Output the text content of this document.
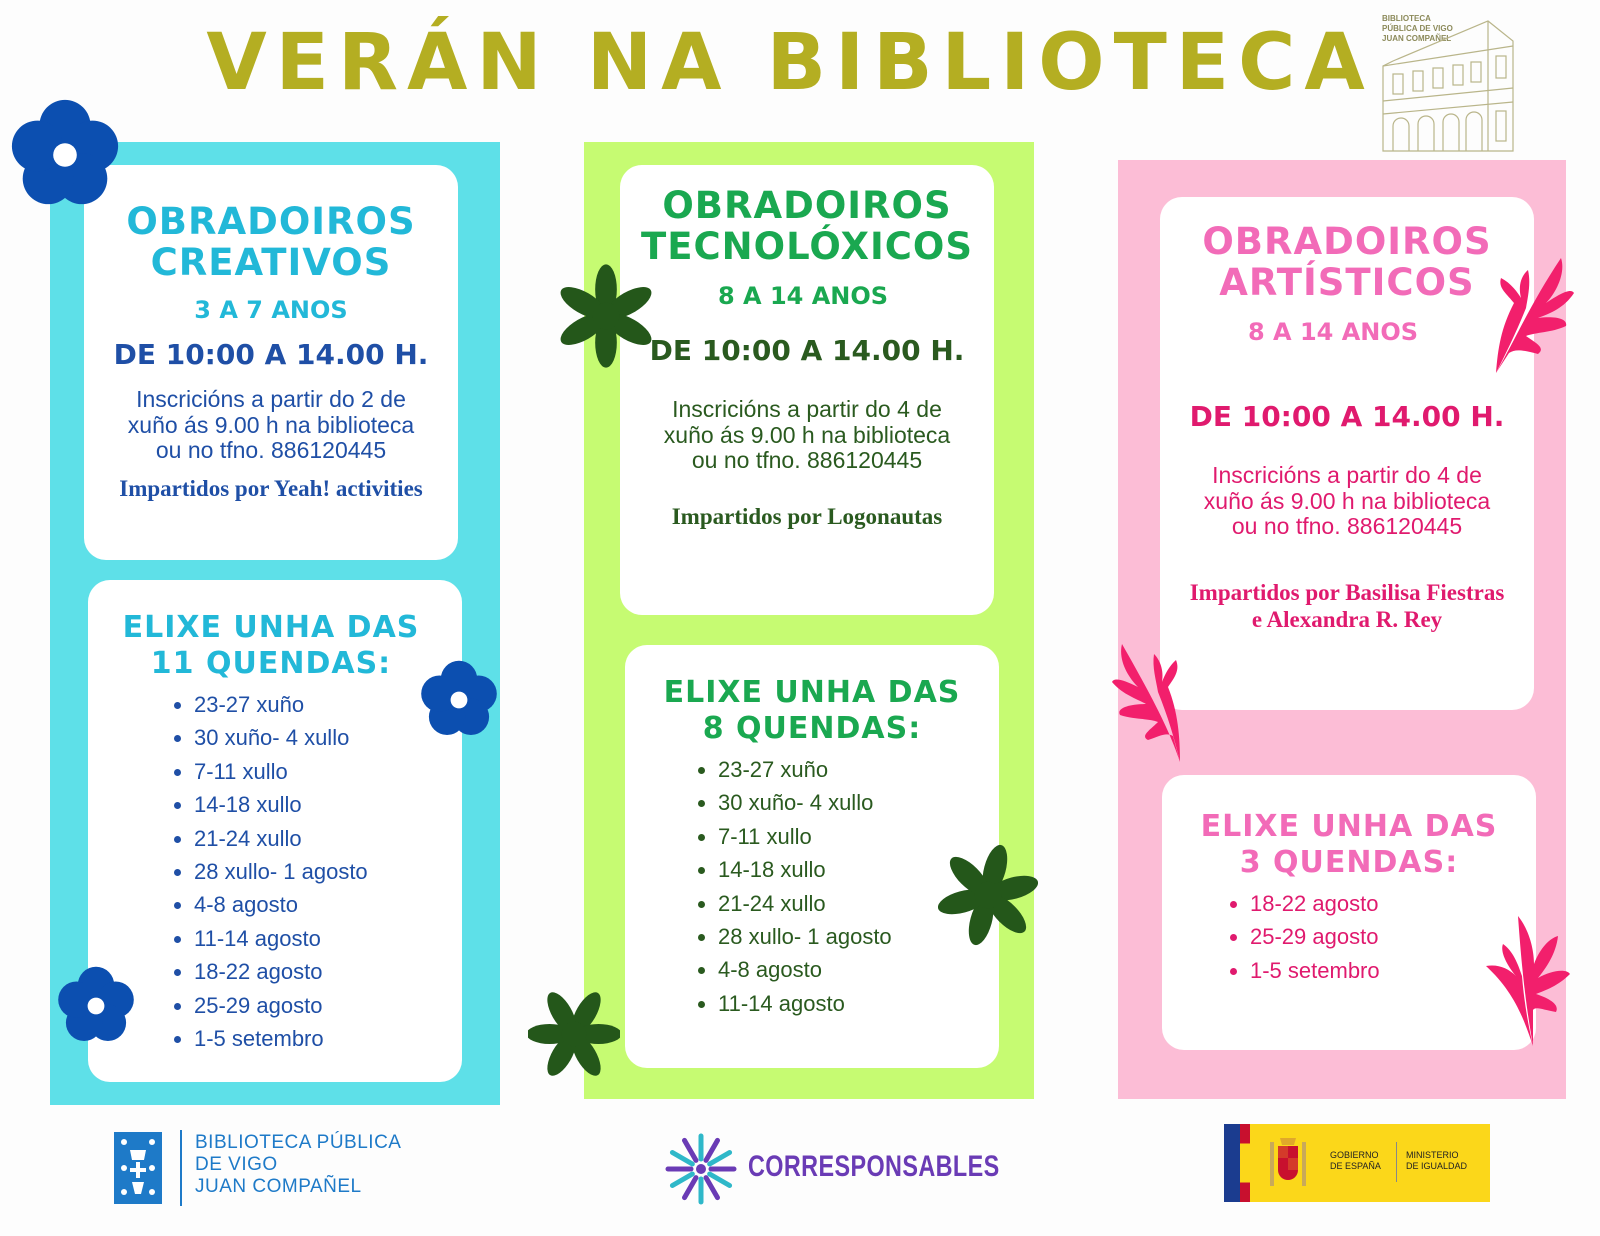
VERÁN NA BIBLIOTECA	BIBLIOTECA PÚBLICA DE VIGO JUAN COMPAÑEL
OBRADOIROS
CREATIVOS
3 A 7 ANOS
DE 10:00 A 14.00 H.
Inscricións a partir do 2 de xuño ás 9.00 h na biblioteca ou no tfno. 886120445
Impartidos por Yeah! activities
ELIXE UNHA DAS
11 QUENDAS:
• 23-27 xuño
• 30 xuño- 4 xullo
• 7-11 xullo
• 14-18 xullo
• 21-24 xullo
• 28 xullo- 1 agosto
• 4-8 agosto
• 11-14 agosto
• 18-22 agosto
• 25-29 agosto
• 1-5 setembro
OBRADOIROS
TECNOLÓXICOS
8 A 14 ANOS
DE 10:00 A 14.00 H.
Inscricións a partir do 4 de xuño ás 9.00 h na biblioteca ou no tfno. 886120445
Impartidos por Logonautas
ELIXE UNHA DAS
8 QUENDAS:
• 23-27 xuño
• 30 xuño- 4 xullo
• 7-11 xullo
• 14-18 xullo
• 21-24 xullo
• 28 xullo- 1 agosto
• 4-8 agosto
• 11-14 agosto
OBRADOIROS
ARTÍSTICOS
8 A 14 ANOS
DE 10:00 A 14.00 H.
Inscricións a partir do 4 de xuño ás 9.00 h na biblioteca ou no tfno. 886120445
Impartidos por Basilisa Fiestras
e Alexandra R. Rey
ELIXE UNHA DAS
3 QUENDAS:
• 18-22 agosto
• 25-29 agosto
• 1-5 setembro
BIBLIOTECA PÚBLICA
DE VIGO
JUAN COMPAÑEL
CORRESPONSABLES	GOBIERNO
DE ESPAÑA
MINISTERIO
DE IGUALDAD
